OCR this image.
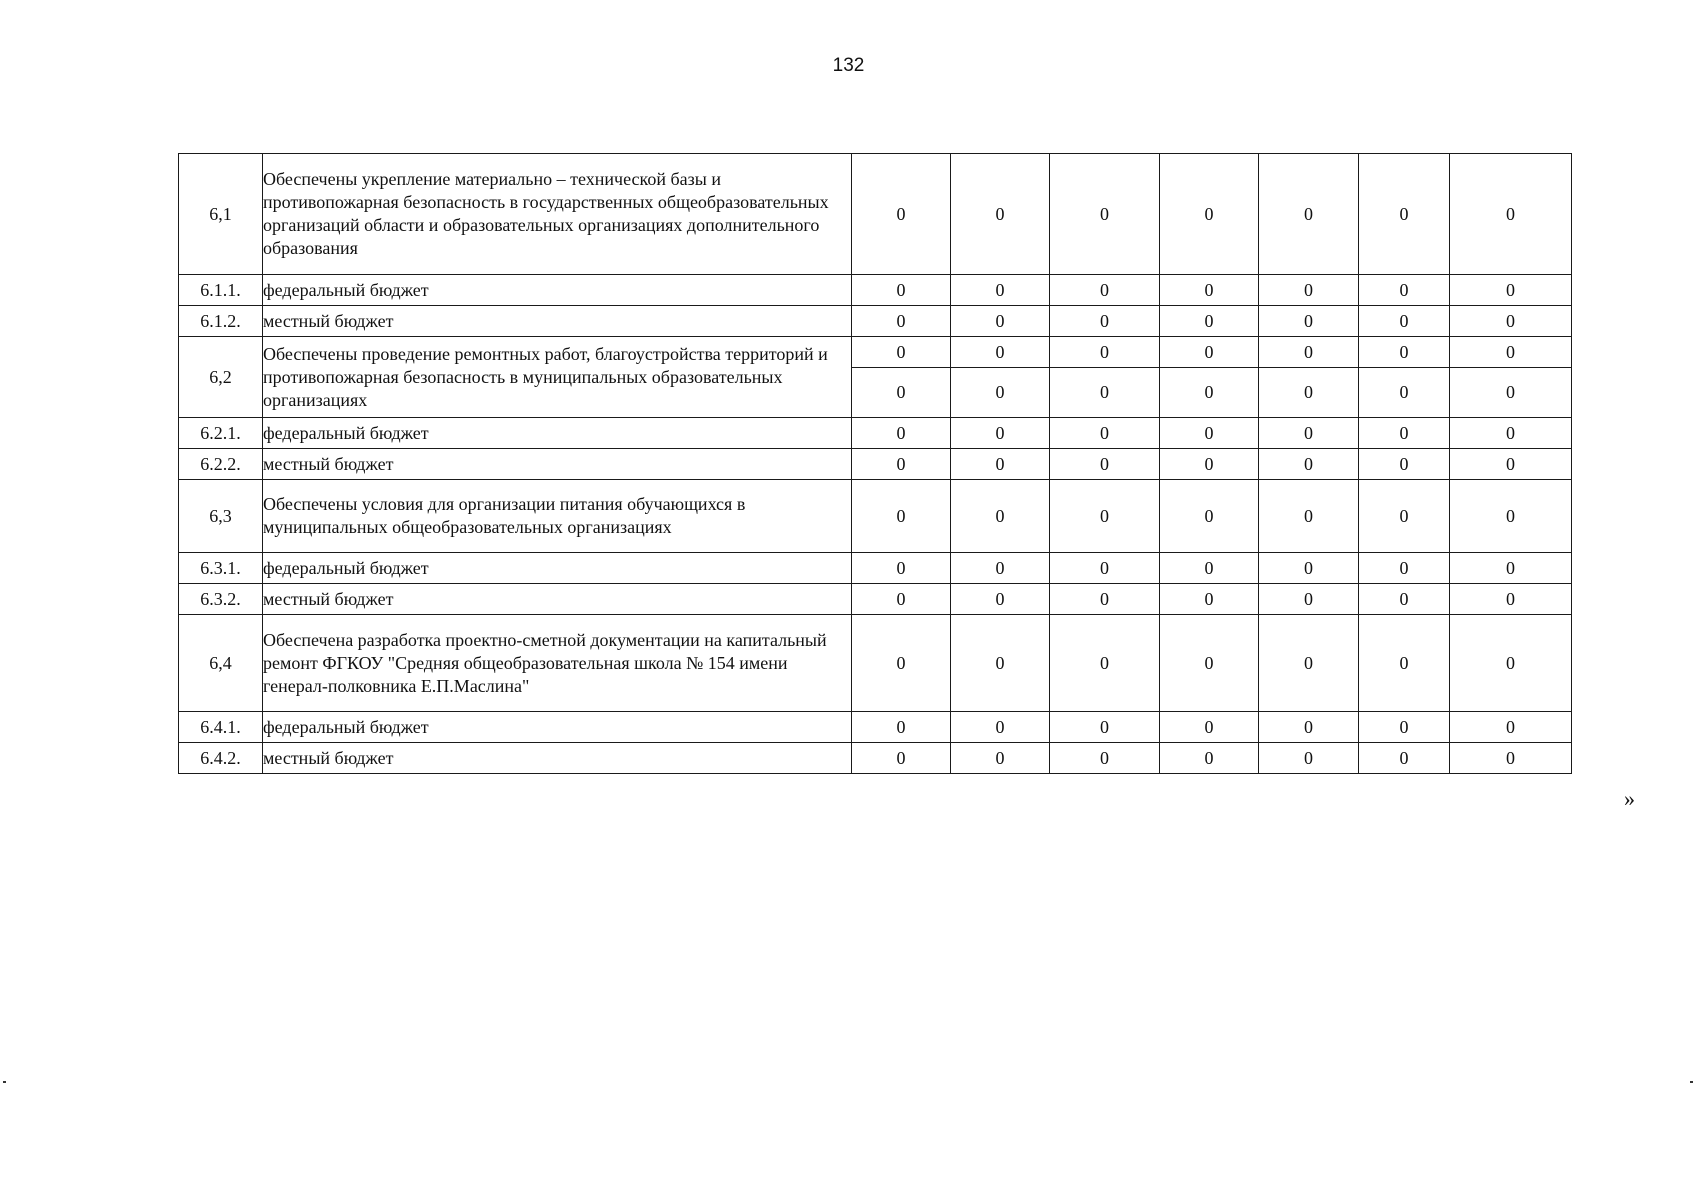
132
6,1	Обеспечены укрепление материально – технической базы и противопожарная безопасность в государственных общеобразовательных организаций области и образовательных организациях дополнительного образования	0	0	0	0	0	0	0
6.1.1.	федеральный бюджет	0	0	0	0	0	0	0
6.1.2.	местный бюджет	0	0	0	0	0	0	0
6,2	Обеспечены проведение ремонтных работ, благоустройства территорий и противопожарная безопасность в муниципальных образовательных организациях	0	0	0	0	0	0	0
		0	0	0	0	0	0	0
6.2.1.	федеральный бюджет	0	0	0	0	0	0	0
6.2.2.	местный бюджет	0	0	0	0	0	0	0
6,3	Обеспечены условия для организации питания обучающихся в муниципальных общеобразовательных организациях	0	0	0	0	0	0	0
6.3.1.	федеральный бюджет	0	0	0	0	0	0	0
6.3.2.	местный бюджет	0	0	0	0	0	0	0
6,4	Обеспечена разработка проектно-сметной документации на капитальный ремонт ФГКОУ "Средняя общеобразовательная школа № 154 имени генерал-полковника Е.П.Маслина"	0	0	0	0	0	0	0
6.4.1.	федеральный бюджет	0	0	0	0	0	0	0
6.4.2.	местный бюджет	0	0	0	0	0	0	0
»
